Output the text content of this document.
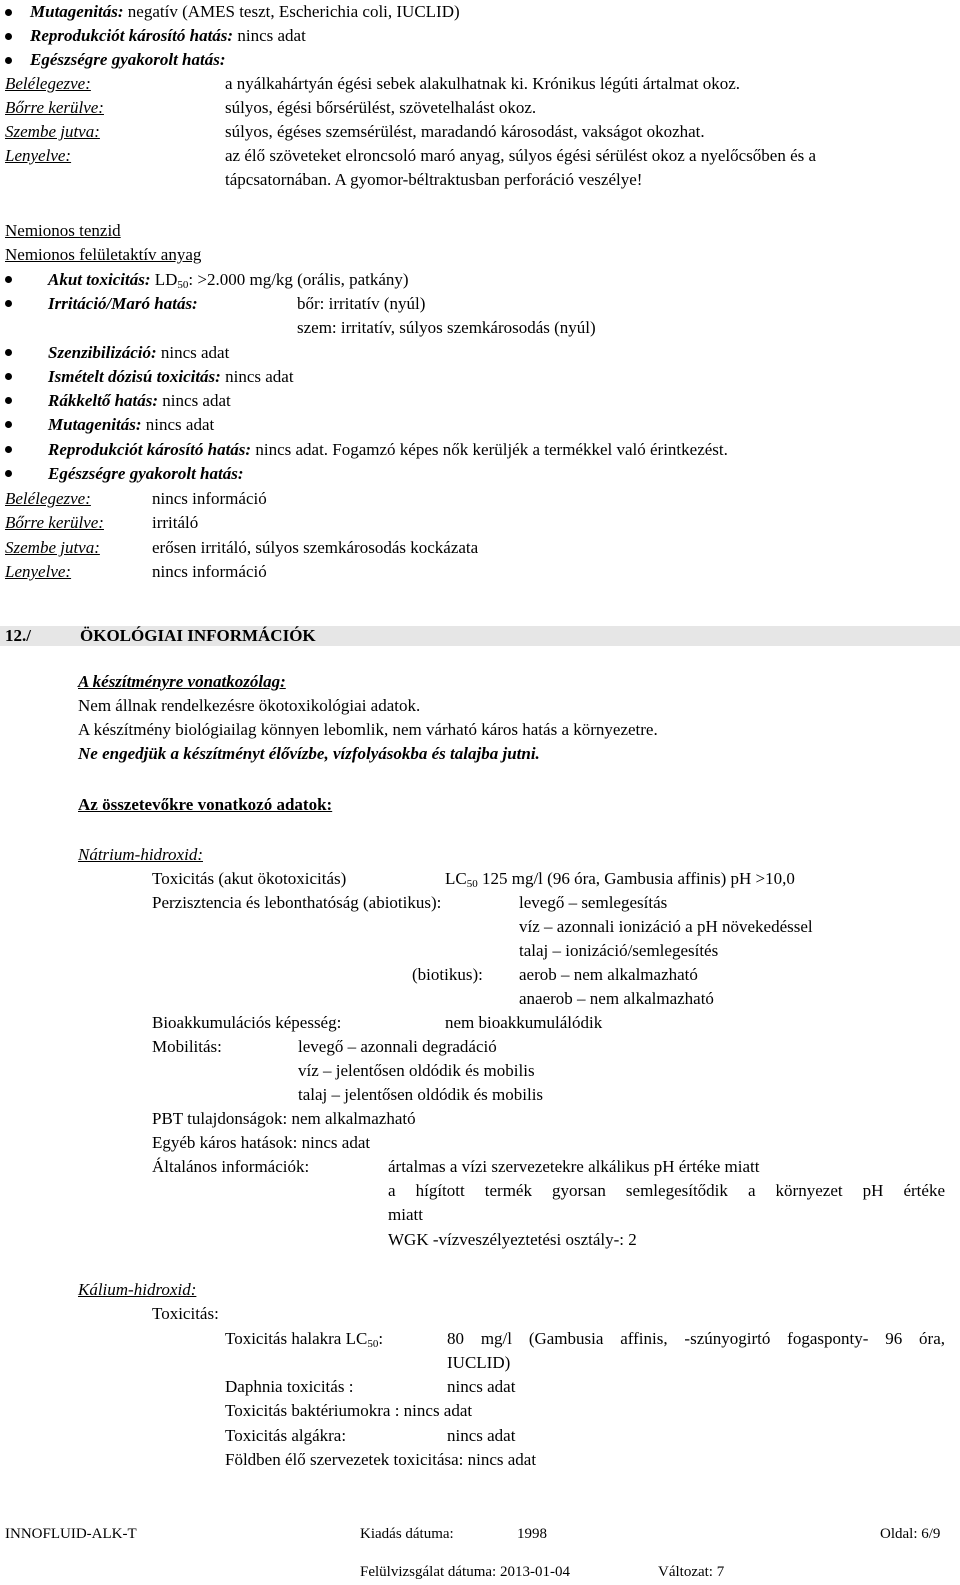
Mutagenitás: negatív (AMES teszt, Escherichia coli, IUCLID)
Reprodukciót károsító hatás: nincs adat
Egészségre gyakorolt hatás:
Belélegezve:	a nyálkahártyán égési sebek alakulhatnak ki. Krónikus légúti ártalmat okoz.
Bőrre kerülve:	súlyos, égési bőrsérülést, szövetelhalást okoz.
Szembe jutva:	súlyos, égéses szemsérülést, maradandó károsodást, vakságot okozhat.
Lenyelve:	az élő szöveteket elroncsoló maró anyag, súlyos égési sérülést okoz a nyelőcsőben és a
tápcsatornában. A gyomor-béltraktusban perforáció veszélye!
Nemionos tenzid
Nemionos felületaktív anyag
Akut toxicitás: $LD_{50}$: >2.000 mg/kg (orális, patkány)
Irritáció/Maró hatás:	bőr: irritatív (nyúl)
szem: irritatív, súlyos szemkárosodás (nyúl)
Szenzibilizáció: nincs adat
Ismételt dózisú toxicitás: nincs adat
Rákkeltő hatás: nincs adat
Mutagenitás: nincs adat
Reprodukciót károsító hatás: nincs adat. Fogamzó képes nők kerüljék a termékkel való érintkezést.
Egészségre gyakorolt hatás:
Belélegezve:	nincs információ
Bőrre kerülve:	irritáló
Szembe jutva:	erősen irritáló, súlyos szemkárosodás kockázata
Lenyelve:	nincs információ
12./	ÖKOLÓGIAI INFORMÁCIÓK
A készítményre vonatkozólag:
Nem állnak rendelkezésre ökotoxikológiai adatok.
A készítmény biológiailag könnyen lebomlik, nem várható káros hatás a környezetre.
Ne engedjük a készítményt élővízbe, vízfolyásokba és talajba jutni.
Az összetevőkre vonatkozó adatok:
Nátrium-hidroxid:
Toxicitás (akut ökotoxicitás)	$LC_{50}$ 125 mg/l (96 óra, Gambusia affinis) pH >10,0
Perzisztencia és lebonthatóság (abiotikus):	levegő – semlegesítás
víz – azonnali ionizáció a pH növekedéssel
talaj – ionizáció/semlegesítés
(biotikus): aerob – nem alkalmazható
anaerob – nem alkalmazható
Bioakkumulációs képesség:	nem bioakkumulálódik
Mobilitás:	levegő – azonnali degradáció
víz – jelentősen oldódik és mobilis
talaj – jelentősen oldódik és mobilis
PBT tulajdonságok: nem alkalmazható
Egyéb káros hatások: nincs adat
Általános információk:	ártalmas a vízi szervezetekre alkálikus pH értéke miatt
a hígított termék gyorsan semlegesítődik a környezet pH értéke
miatt
WGK -vízveszélyeztetési osztály-: 2
Kálium-hidroxid:
Toxicitás:
Toxicitás halakra $LC_{50}$:	80 mg/l (Gambusia affinis, -szúnyogirtó fogasponty- 96 óra,
IUCLID)
Daphnia toxicitás :	nincs adat
Toxicitás baktériumokra : nincs adat
Toxicitás algákra:	nincs adat
Földben élő szervezetek toxicitása: nincs adat
INNOFLUID-ALK-T	Kiadás dátuma:	1998	Oldal: 6/9
Felülvizsgálat dátuma: 2013-01-04	Változat: 7
